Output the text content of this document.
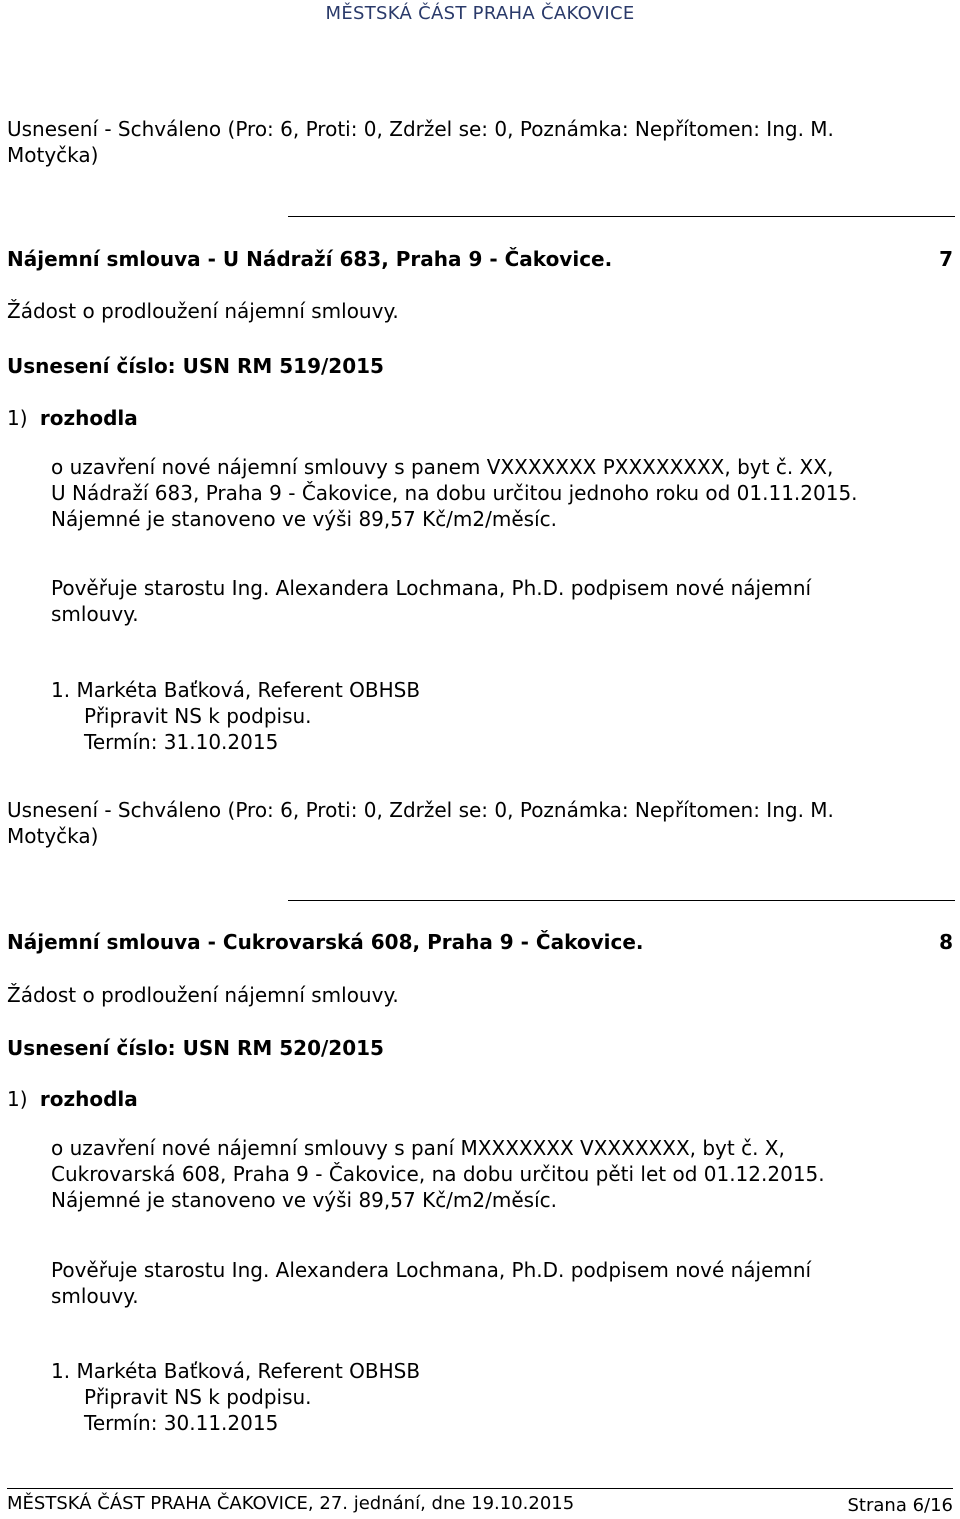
MĚSTSKÁ ČÁST PRAHA ČAKOVICE
Usnesení - Schváleno (Pro: 6, Proti: 0, Zdržel se: 0, Poznámka: Nepřítomen: Ing. M.
Motyčka)
Nájemní smlouva - U Nádraží 683, Praha 9 - Čakovice.	7
Žádost o prodloužení nájemní smlouvy.
Usnesení číslo: USN RM 519/2015
1) rozhodla
o uzavření nové nájemní smlouvy s panem VXXXXXXX PXXXXXXXX, byt č. XX,
U Nádraží 683, Praha 9 - Čakovice, na dobu určitou jednoho roku od 01.11.2015.
Nájemné je stanoveno ve výši 89,57 Kč/m2/měsíc.
Pověřuje starostu Ing. Alexandera Lochmana, Ph.D. podpisem nové nájemní
smlouvy.
1. Markéta Baťková, Referent OBHSB
Připravit NS k podpisu.
Termín: 31.10.2015
Usnesení - Schváleno (Pro: 6, Proti: 0, Zdržel se: 0, Poznámka: Nepřítomen: Ing. M.
Motyčka)
Nájemní smlouva - Cukrovarská 608, Praha 9 - Čakovice.	8
Žádost o prodloužení nájemní smlouvy.
Usnesení číslo: USN RM 520/2015
1) rozhodla
o uzavření nové nájemní smlouvy s paní MXXXXXXX VXXXXXXX, byt č. X,
Cukrovarská 608, Praha 9 - Čakovice, na dobu určitou pěti let od 01.12.2015.
Nájemné je stanoveno ve výši 89,57 Kč/m2/měsíc.
Pověřuje starostu Ing. Alexandera Lochmana, Ph.D. podpisem nové nájemní
smlouvy.
1. Markéta Baťková, Referent OBHSB
Připravit NS k podpisu.
Termín: 30.11.2015
MĚSTSKÁ ČÁST PRAHA ČAKOVICE, 27. jednání, dne 19.10.2015	Strana 6/16
